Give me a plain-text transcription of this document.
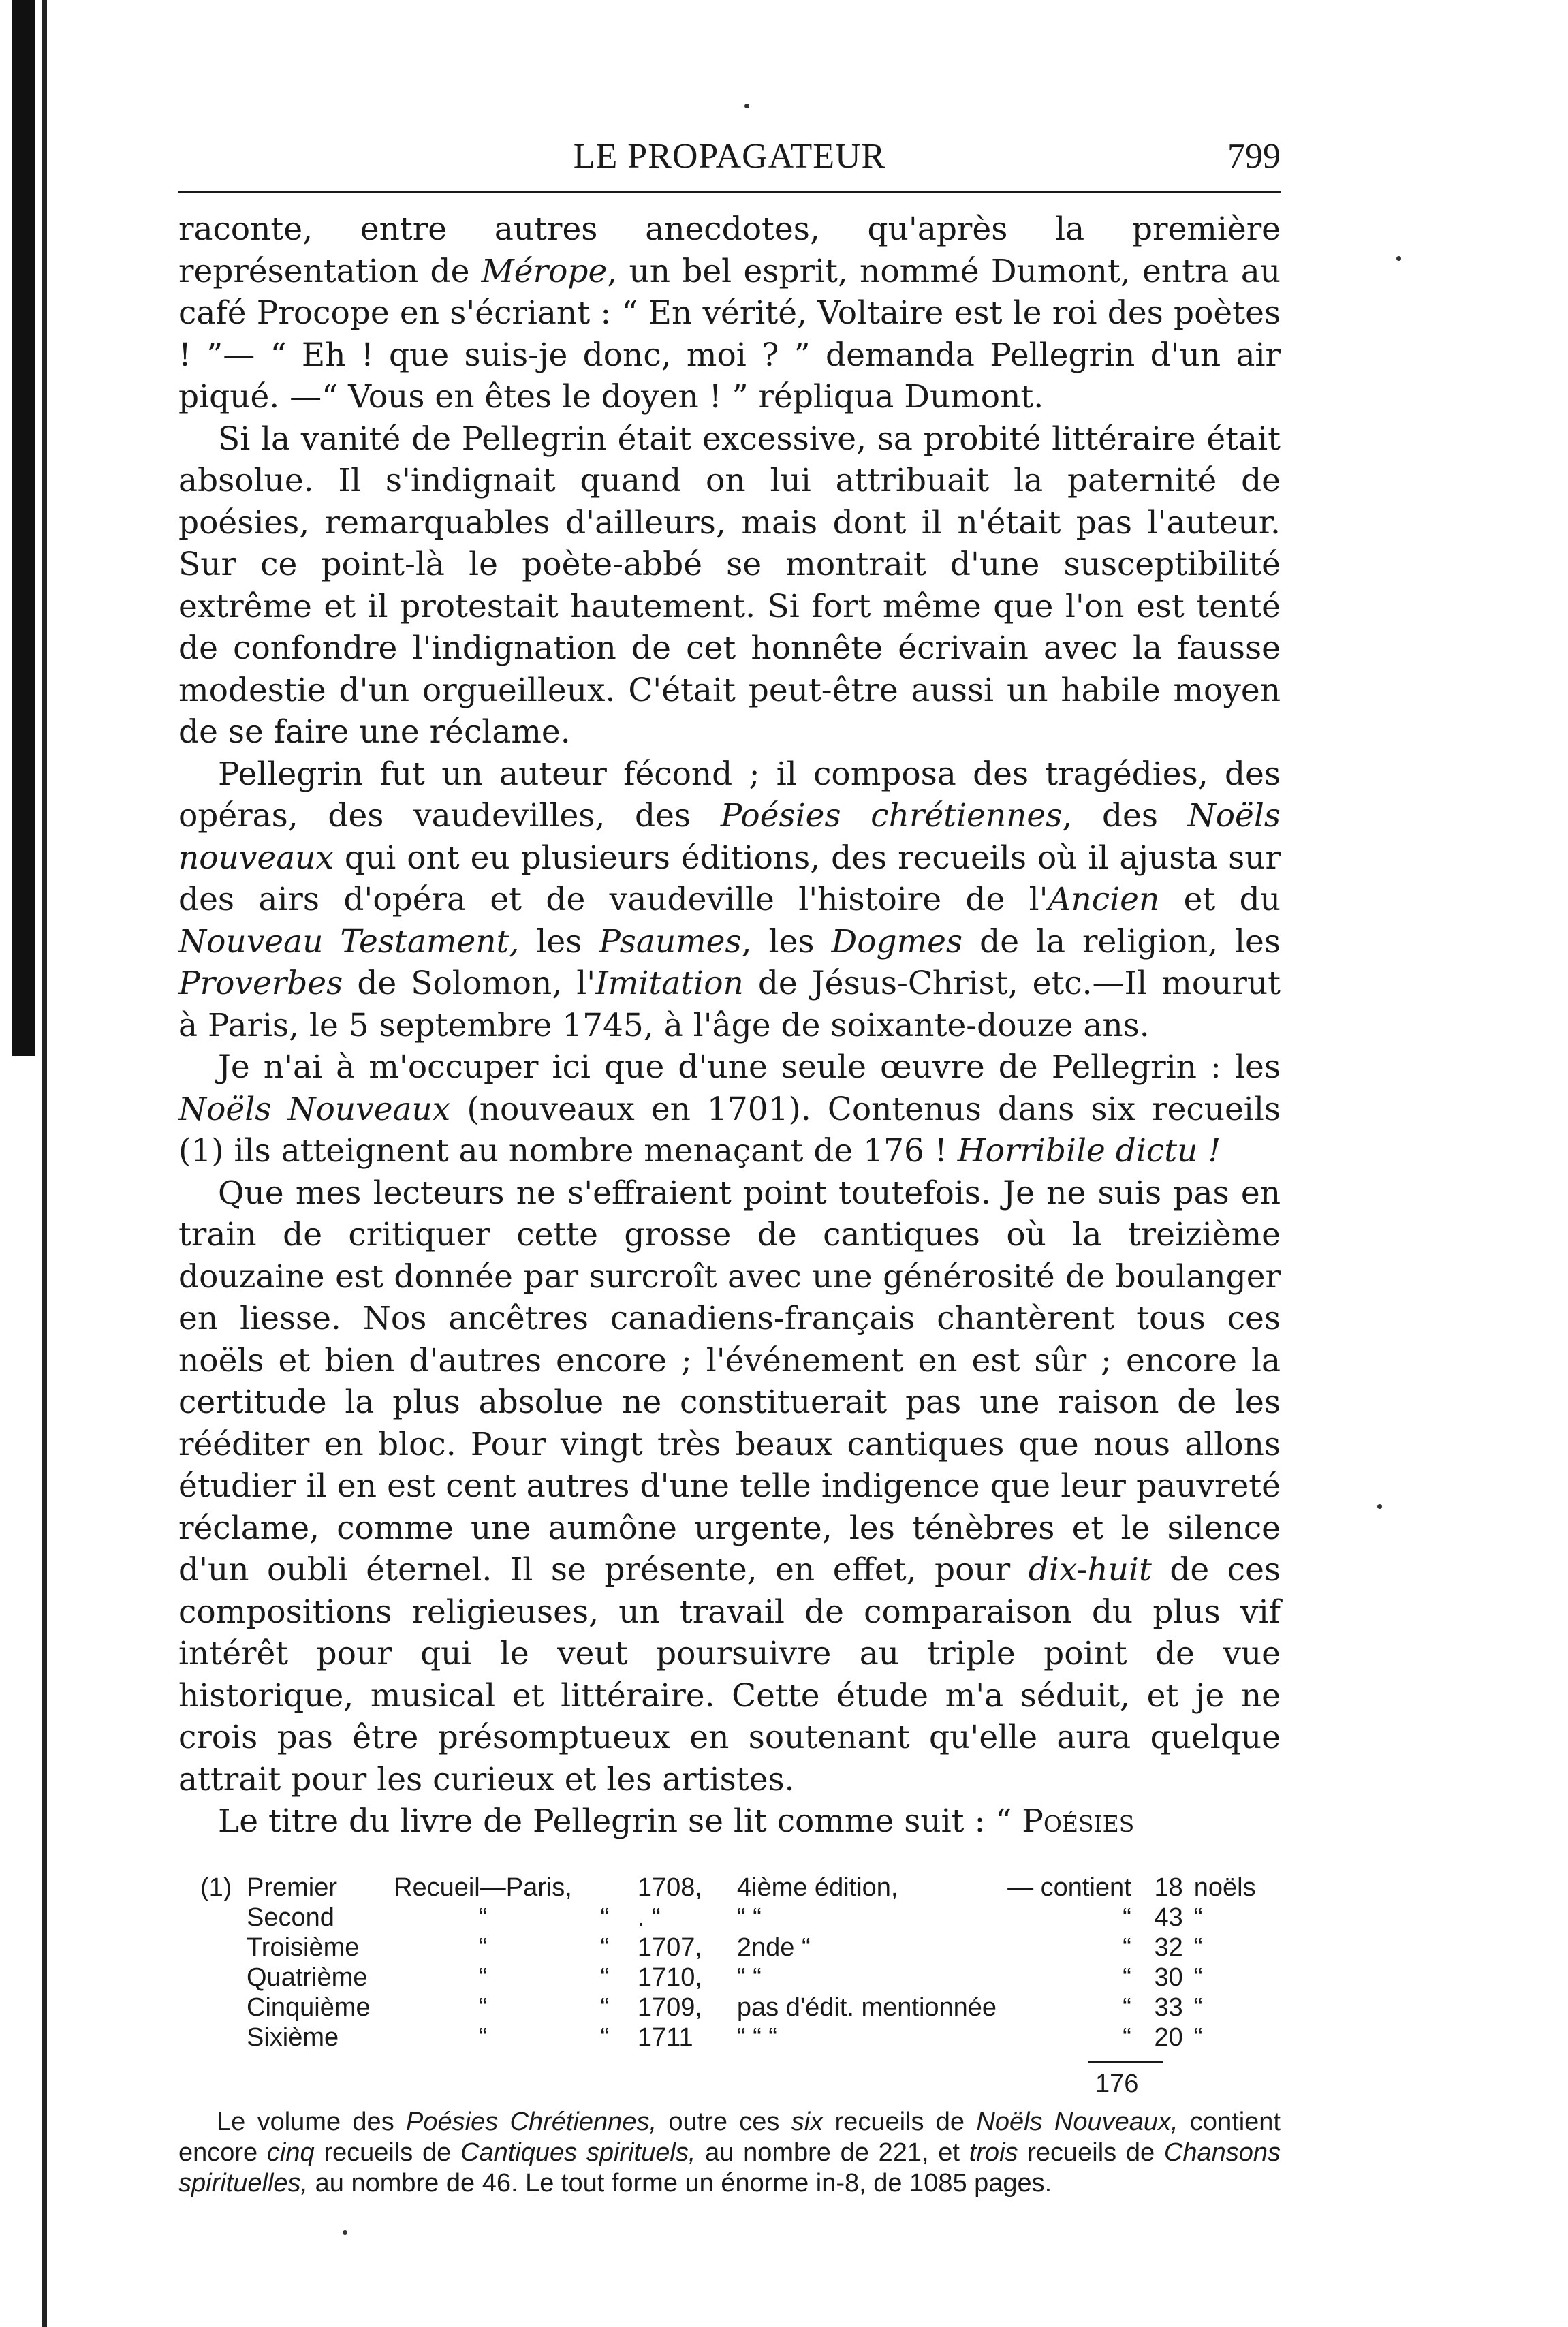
LE PROPAGATEUR	799

raconte, entre autres anecdotes, qu'après la première représentation de Mérope, un bel esprit, nommé Dumont, entra au café Procope en s'écriant : “ En vérité, Voltaire est le roi des poètes ! ”— “ Eh ! que suis-je donc, moi ? ” demanda Pellegrin d'un air piqué. —“ Vous en êtes le doyen ! ” répliqua Dumont.

Si la vanité de Pellegrin était excessive, sa probité littéraire était absolue. Il s'indignait quand on lui attribuait la paternité de poésies, remarquables d'ailleurs, mais dont il n'était pas l'auteur. Sur ce point-là le poète-abbé se montrait d'une susceptibilité extrême et il protestait hautement. Si fort même que l'on est tenté de confondre l'indignation de cet honnête écrivain avec la fausse modestie d'un orgueilleux. C'était peut-être aussi un habile moyen de se faire une réclame.

Pellegrin fut un auteur fécond ; il composa des tragédies, des opéras, des vaudevilles, des Poésies chrétiennes, des Noëls nouveaux qui ont eu plusieurs éditions, des recueils où il ajusta sur des airs d'opéra et de vaudeville l'histoire de l'Ancien et du Nouveau Testament, les Psaumes, les Dogmes de la religion, les Proverbes de Solomon, l'Imitation de Jésus-Christ, etc.—Il mourut à Paris, le 5 septembre 1745, à l'âge de soixante-douze ans.

Je n'ai à m'occuper ici que d'une seule œuvre de Pellegrin : les Noëls Nouveaux (nouveaux en 1701). Contenus dans six recueils (1) ils atteignent au nombre menaçant de 176 ! Horribile dictu !

Que mes lecteurs ne s'effraient point toutefois. Je ne suis pas en train de critiquer cette grosse de cantiques où la treizième douzaine est donnée par surcroît avec une générosité de boulanger en liesse. Nos ancêtres canadiens-français chantèrent tous ces noëls et bien d'autres encore ; l'événement en est sûr ; encore la certitude la plus absolue ne constituerait pas une raison de les rééditer en bloc. Pour vingt très beaux cantiques que nous allons étudier il en est cent autres d'une telle indigence que leur pauvreté réclame, comme une aumône urgente, les ténèbres et le silence d'un oubli éternel. Il se présente, en effet, pour dix-huit de ces compositions religieuses, un travail de comparaison du plus vif intérêt pour qui le veut poursuivre au triple point de vue historique, musical et littéraire. Cette étude m'a séduit, et je ne crois pas être présomptueux en soutenant qu'elle aura quelque attrait pour les curieux et les artistes.

Le titre du livre de Pellegrin se lit comme suit : “ Poésies

(1)	Premier	Recueil—Paris,		1708,	4ième édition,	— contient	18	noëls
	Second	“	“	. “	“ “	“	43	“
	Troisième	“	“	1707,	2nde “	“	32	“
	Quatrième	“	“	1710,	“ “	“	30	“
	Cinquième	“	“	1709,	pas d'édit. mentionnée	“	33	“
	Sixième	“	“	1711	“ “ “	“	20	“
176

Le volume des Poésies Chrétiennes, outre ces six recueils de Noëls Nouveaux, contient encore cinq recueils de Cantiques spirituels, au nombre de 221, et trois recueils de Chansons spirituelles, au nombre de 46. Le tout forme un énorme in-8, de 1085 pages.
